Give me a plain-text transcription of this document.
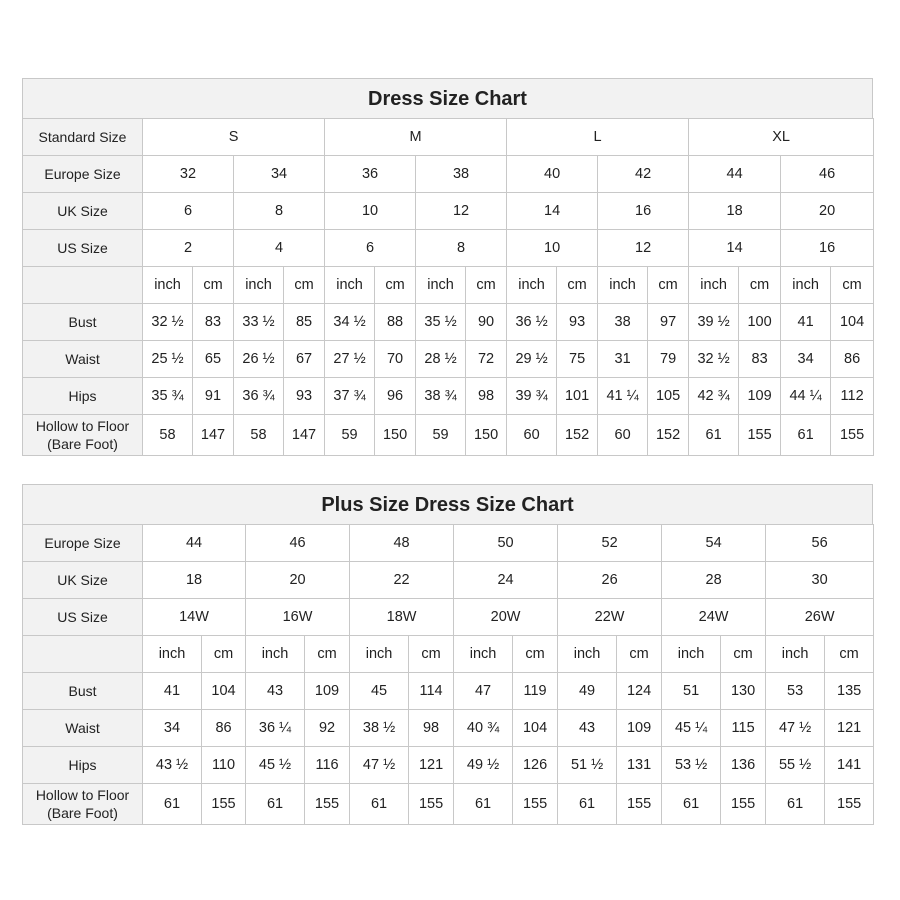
Dress Size Chart
Standard Size	S				M				L				XL			
Europe Size	32		34		36		38		40		42		44		46	
UK Size	6		8		10		12		14		16		18		20	
US Size	2		4		6		8		10		12		14		16	
	inch	cm	inch	cm	inch	cm	inch	cm	inch	cm	inch	cm	inch	cm	inch	cm
Bust	32 ½	83	33 ½	85	34 ½	88	35 ½	90	36 ½	93	38	97	39 ½	100	41	104
Waist	25 ½	65	26 ½	67	27 ½	70	28 ½	72	29 ½	75	31	79	32 ½	83	34	86
Hips	35 ¾	91	36 ¾	93	37 ¾	96	38 ¾	98	39 ¾	101	41 ¼	105	42 ¾	109	44 ¼	112
Hollow to Floor (Bare Foot)	58	147	58	147	59	150	59	150	60	152	60	152	61	155	61	155
Plus Size Dress Size Chart
Europe Size	44		46		48		50		52		54		56	
UK Size	18		20		22		24		26		28		30	
US Size	14W		16W		18W		20W		22W		24W		26W	
	inch	cm	inch	cm	inch	cm	inch	cm	inch	cm	inch	cm	inch	cm
Bust	41	104	43	109	45	114	47	119	49	124	51	130	53	135
Waist	34	86	36 ¼	92	38 ½	98	40 ¾	104	43	109	45 ¼	115	47 ½	121
Hips	43 ½	110	45 ½	116	47 ½	121	49 ½	126	51 ½	131	53 ½	136	55 ½	141
Hollow to Floor (Bare Foot)	61	155	61	155	61	155	61	155	61	155	61	155	61	155
